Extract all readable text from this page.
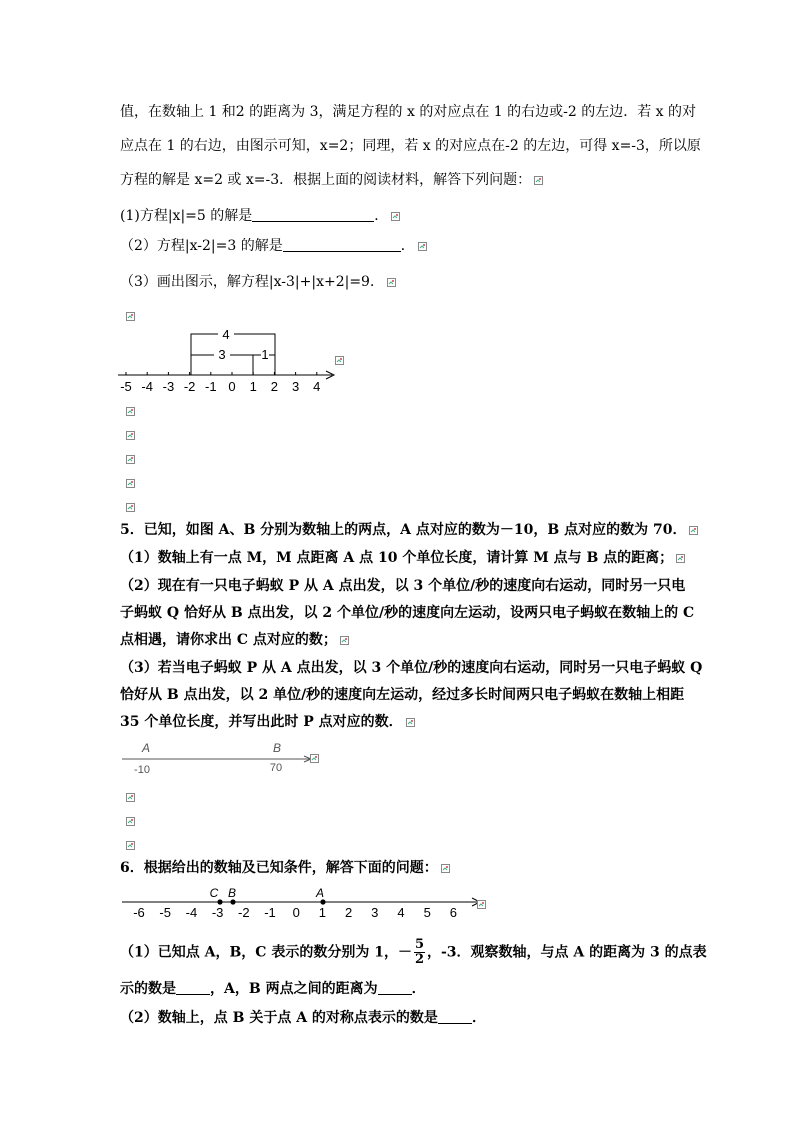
值，在数轴上 1 和2 的距离为 3，满足方程的 x 的对应点在 1 的右边或-2 的左边．若 x 的对
应点在 1 的右边，由图示可知，x=2；同理，若 x 的对应点在-2 的左边，可得 x=-3，所以原
方程的解是 x=2 或 x=-3．根据上面的阅读材料，解答下列问题：
(1)方程|x|=5 的解是	．
（2）方程|x-2|=3 的解是	．
（3）画出图示，解方程|x-3|+|x+2|=9．
-5 -4 -3 -2 -1 0 1 2 3 4
4
3	1
5．已知，如图 A、B 分别为数轴上的两点，A 点对应的数为－10，B 点对应的数为 70．
（1）数轴上有一点 M，M 点距离 A 点 10 个单位长度，请计算 M 点与 B 点的距离；
（2）现在有一只电子蚂蚁 P 从 A 点出发，以 3 个单位/秒的速度向右运动，同时另一只电
子蚂蚁 Q 恰好从 B 点出发，以 2 个单位/秒的速度向左运动，设两只电子蚂蚁在数轴上的 C
点相遇，请你求出 C 点对应的数；
（3）若当电子蚂蚁 P 从 A 点出发，以 3 个单位/秒的速度向右运动，同时另一只电子蚂蚁 Q
恰好从 B 点出发，以 2 单位/秒的速度向左运动，经过多长时间两只电子蚂蚁在数轴上相距
35 个单位长度，并写出此时 P 点对应的数．
A
-10
B
70
6．根据给出的数轴及已知条件，解答下面的问题：
-6 -5 -4 -3 -2 -1 0 1 2 3 4 5 6
C B	A
（1）已知点 A，B，C 表示的数分别为 1，－ $\frac{5}{2}$ ，-3．观察数轴，与点 A 的距离为 3 的点表
示的数是 ，A，B 两点之间的距离为 ．
（2）数轴上，点 B 关于点 A 的对称点表示的数是 ．
